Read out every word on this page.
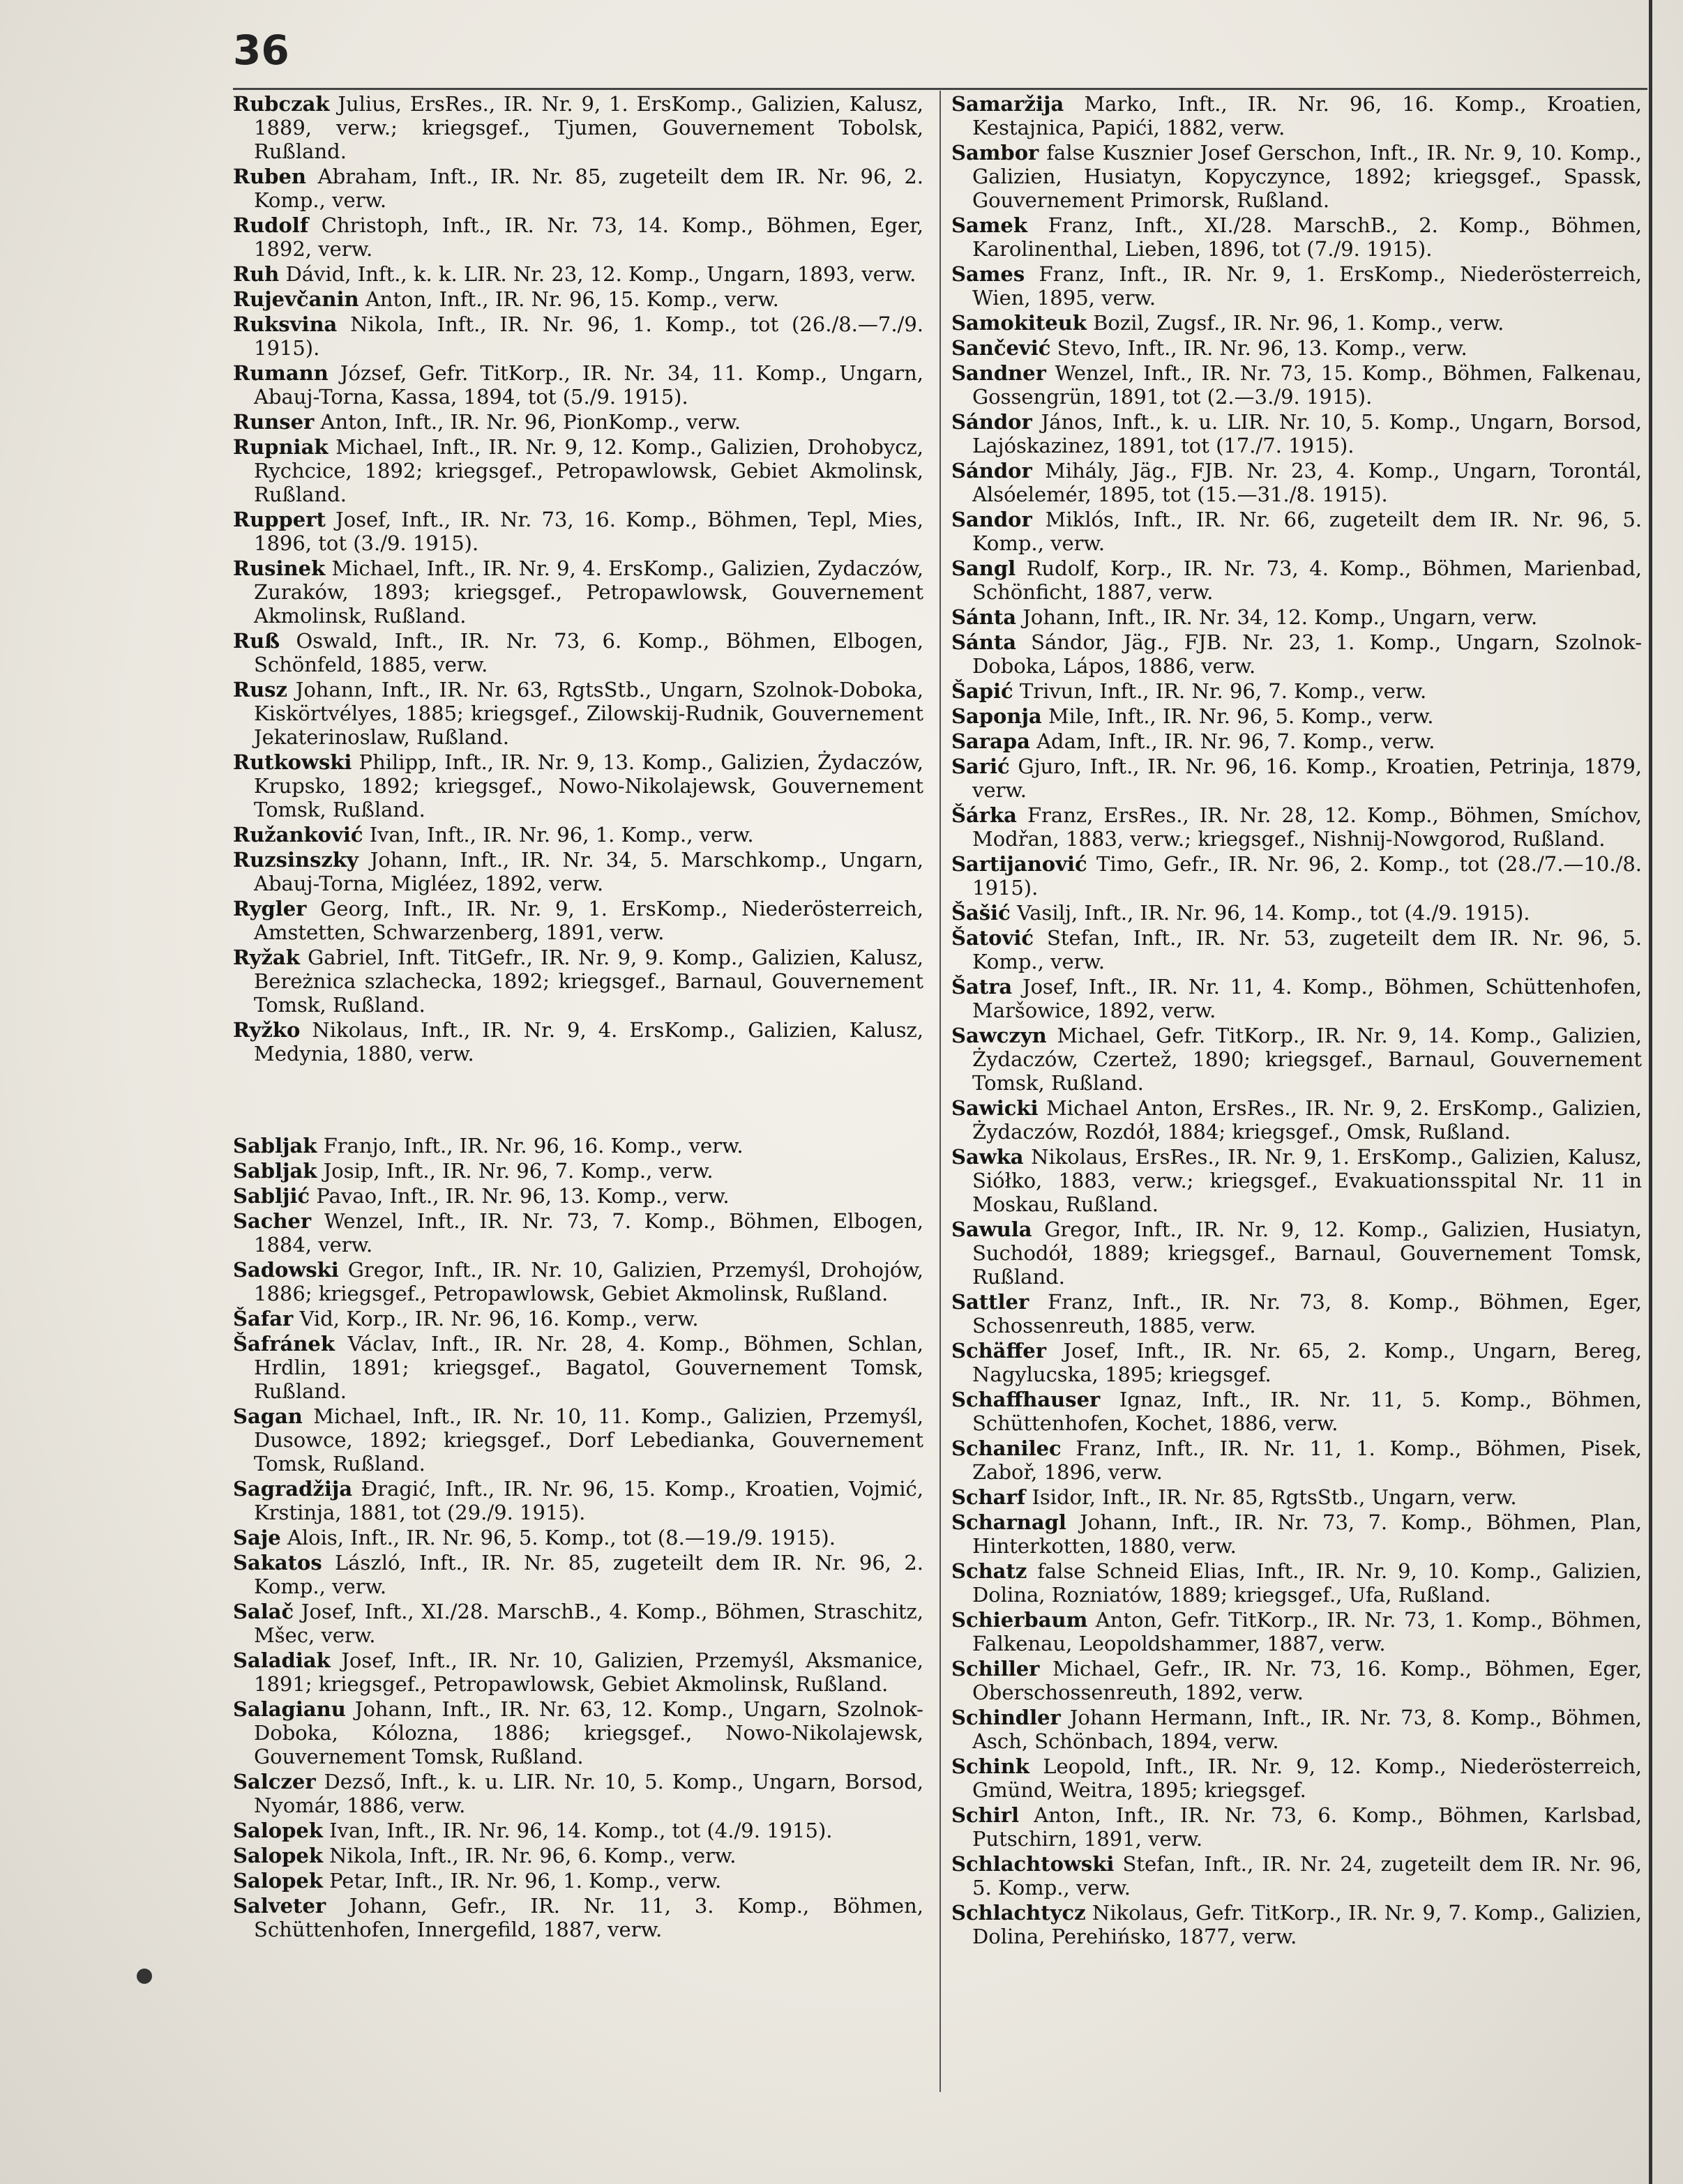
36

Rubczak Julius, ErsRes., IR. Nr. 9, 1. ErsKomp., Galizien, Kalusz, 1889, verw.; kriegsgef., Tjumen, Gouvernement Tobolsk, Rußland.

Ruben Abraham, Inft., IR. Nr. 85, zugeteilt dem IR. Nr. 96, 2. Komp., verw.

Rudolf Christoph, Inft., IR. Nr. 73, 14. Komp., Böhmen, Eger, 1892, verw.

Ruh Dávid, Inft., k. k. LIR. Nr. 23, 12. Komp., Ungarn, 1893, verw.

Rujevčanin Anton, Inft., IR. Nr. 96, 15. Komp., verw.

Ruksvina Nikola, Inft., IR. Nr. 96, 1. Komp., tot (26./8.—7./9. 1915).

Rumann József, Gefr. TitKorp., IR. Nr. 34, 11. Komp., Ungarn, Abauj-Torna, Kassa, 1894, tot (5./9. 1915).

Runser Anton, Inft., IR. Nr. 96, PionKomp., verw.

Rupniak Michael, Inft., IR. Nr. 9, 12. Komp., Galizien, Drohobycz, Rychcice, 1892; kriegsgef., Petropawlowsk, Gebiet Akmolinsk, Rußland.

Ruppert Josef, Inft., IR. Nr. 73, 16. Komp., Böhmen, Tepl, Mies, 1896, tot (3./9. 1915).

Rusinek Michael, Inft., IR. Nr. 9, 4. ErsKomp., Galizien, Zydaczów, Zuraków, 1893; kriegsgef., Petropawlowsk, Gouvernement Akmolinsk, Rußland.

Ruß Oswald, Inft., IR. Nr. 73, 6. Komp., Böhmen, Elbogen, Schönfeld, 1885, verw.

Rusz Johann, Inft., IR. Nr. 63, RgtsStb., Ungarn, Szolnok-Doboka, Kiskörtvélyes, 1885; kriegsgef., Zilowskij-Rudnik, Gouvernement Jekaterinoslaw, Rußland.

Rutkowski Philipp, Inft., IR. Nr. 9, 13. Komp., Galizien, Żydaczów, Krupsko, 1892; kriegsgef., Nowo-Nikolajewsk, Gouvernement Tomsk, Rußland.

Ružanković Ivan, Inft., IR. Nr. 96, 1. Komp., verw.

Ruzsinszky Johann, Inft., IR. Nr. 34, 5. Marschkomp., Ungarn, Abauj-Torna, Migléez, 1892, verw.

Rygler Georg, Inft., IR. Nr. 9, 1. ErsKomp., Niederösterreich, Amstetten, Schwarzenberg, 1891, verw.

Ryžak Gabriel, Inft. TitGefr., IR. Nr. 9, 9. Komp., Galizien, Kalusz, Bereżnica szlachecka, 1892; kriegsgef., Barnaul, Gouvernement Tomsk, Rußland.

Ryžko Nikolaus, Inft., IR. Nr. 9, 4. ErsKomp., Galizien, Kalusz, Medynia, 1880, verw.

Sabljak Franjo, Inft., IR. Nr. 96, 16. Komp., verw.

Sabljak Josip, Inft., IR. Nr. 96, 7. Komp., verw.

Sabljić Pavao, Inft., IR. Nr. 96, 13. Komp., verw.

Sacher Wenzel, Inft., IR. Nr. 73, 7. Komp., Böhmen, Elbogen, 1884, verw.

Sadowski Gregor, Inft., IR. Nr. 10, Galizien, Przemyśl, Drohojów, 1886; kriegsgef., Petropawlowsk, Gebiet Akmolinsk, Rußland.

Šafar Vid, Korp., IR. Nr. 96, 16. Komp., verw.

Šafránek Václav, Inft., IR. Nr. 28, 4. Komp., Böhmen, Schlan, Hrdlin, 1891; kriegsgef., Bagatol, Gouvernement Tomsk, Rußland.

Sagan Michael, Inft., IR. Nr. 10, 11. Komp., Galizien, Przemyśl, Dusowce, 1892; kriegsgef., Dorf Lebedianka, Gouvernement Tomsk, Rußland.

Sagradžija Đragić, Inft., IR. Nr. 96, 15. Komp., Kroatien, Vojmić, Krstinja, 1881, tot (29./9. 1915).

Saje Alois, Inft., IR. Nr. 96, 5. Komp., tot (8.—19./9. 1915).

Sakatos László, Inft., IR. Nr. 85, zugeteilt dem IR. Nr. 96, 2. Komp., verw.

Salač Josef, Inft., XI./28. MarschB., 4. Komp., Böhmen, Straschitz, Mšec, verw.

Saladiak Josef, Inft., IR. Nr. 10, Galizien, Przemyśl, Aksmanice, 1891; kriegsgef., Petropawlowsk, Gebiet Akmolinsk, Rußland.

Salagianu Johann, Inft., IR. Nr. 63, 12. Komp., Ungarn, Szolnok-Doboka, Kólozna, 1886; kriegsgef., Nowo-Nikolajewsk, Gouvernement Tomsk, Rußland.

Salczer Dezső, Inft., k. u. LIR. Nr. 10, 5. Komp., Ungarn, Borsod, Nyomár, 1886, verw.

Salopek Ivan, Inft., IR. Nr. 96, 14. Komp., tot (4./9. 1915).

Salopek Nikola, Inft., IR. Nr. 96, 6. Komp., verw.

Salopek Petar, Inft., IR. Nr. 96, 1. Komp., verw.

Salveter Johann, Gefr., IR. Nr. 11, 3. Komp., Böhmen, Schüttenhofen, Innergefild, 1887, verw.

Samaržija Marko, Inft., IR. Nr. 96, 16. Komp., Kroatien, Kestajnica, Papići, 1882, verw.

Sambor false Kusznier Josef Gerschon, Inft., IR. Nr. 9, 10. Komp., Galizien, Husiatyn, Kopyczynce, 1892; kriegsgef., Spassk, Gouvernement Primorsk, Rußland.

Samek Franz, Inft., XI./28. MarschB., 2. Komp., Böhmen, Karolinenthal, Lieben, 1896, tot (7./9. 1915).

Sames Franz, Inft., IR. Nr. 9, 1. ErsKomp., Niederösterreich, Wien, 1895, verw.

Samokiteuk Bozil, Zugsf., IR. Nr. 96, 1. Komp., verw.

Sančević Stevo, Inft., IR. Nr. 96, 13. Komp., verw.

Sandner Wenzel, Inft., IR. Nr. 73, 15. Komp., Böhmen, Falkenau, Gossengrün, 1891, tot (2.—3./9. 1915).

Sándor János, Inft., k. u. LIR. Nr. 10, 5. Komp., Ungarn, Borsod, Lajóskazinez, 1891, tot (17./7. 1915).

Sándor Mihály, Jäg., FJB. Nr. 23, 4. Komp., Ungarn, Torontál, Alsóelemér, 1895, tot (15.—31./8. 1915).

Sandor Miklós, Inft., IR. Nr. 66, zugeteilt dem IR. Nr. 96, 5. Komp., verw.

Sangl Rudolf, Korp., IR. Nr. 73, 4. Komp., Böhmen, Marienbad, Schönficht, 1887, verw.

Sánta Johann, Inft., IR. Nr. 34, 12. Komp., Ungarn, verw.

Sánta Sándor, Jäg., FJB. Nr. 23, 1. Komp., Ungarn, Szolnok-Doboka, Lápos, 1886, verw.

Šapić Trivun, Inft., IR. Nr. 96, 7. Komp., verw.

Saponja Mile, Inft., IR. Nr. 96, 5. Komp., verw.

Sarapa Adam, Inft., IR. Nr. 96, 7. Komp., verw.

Sarić Gjuro, Inft., IR. Nr. 96, 16. Komp., Kroatien, Petrinja, 1879, verw.

Šárka Franz, ErsRes., IR. Nr. 28, 12. Komp., Böhmen, Smíchov, Modřan, 1883, verw.; kriegsgef., Nishnij-Nowgorod, Rußland.

Sartijanović Timo, Gefr., IR. Nr. 96, 2. Komp., tot (28./7.—10./8. 1915).

Šašić Vasilj, Inft., IR. Nr. 96, 14. Komp., tot (4./9. 1915).

Šatović Stefan, Inft., IR. Nr. 53, zugeteilt dem IR. Nr. 96, 5. Komp., verw.

Šatra Josef, Inft., IR. Nr. 11, 4. Komp., Böhmen, Schüttenhofen, Maršowice, 1892, verw.

Sawczyn Michael, Gefr. TitKorp., IR. Nr. 9, 14. Komp., Galizien, Żydaczów, Czertež, 1890; kriegsgef., Barnaul, Gouvernement Tomsk, Rußland.

Sawicki Michael Anton, ErsRes., IR. Nr. 9, 2. ErsKomp., Galizien, Żydaczów, Rozdół, 1884; kriegsgef., Omsk, Rußland.

Sawka Nikolaus, ErsRes., IR. Nr. 9, 1. ErsKomp., Galizien, Kalusz, Siółko, 1883, verw.; kriegsgef., Evakuationsspital Nr. 11 in Moskau, Rußland.

Sawula Gregor, Inft., IR. Nr. 9, 12. Komp., Galizien, Husiatyn, Suchodół, 1889; kriegsgef., Barnaul, Gouvernement Tomsk, Rußland.

Sattler Franz, Inft., IR. Nr. 73, 8. Komp., Böhmen, Eger, Schossenreuth, 1885, verw.

Schäffer Josef, Inft., IR. Nr. 65, 2. Komp., Ungarn, Bereg, Nagylucska, 1895; kriegsgef.

Schaffhauser Ignaz, Inft., IR. Nr. 11, 5. Komp., Böhmen, Schüttenhofen, Kochet, 1886, verw.

Schanilec Franz, Inft., IR. Nr. 11, 1. Komp., Böhmen, Pisek, Zaboř, 1896, verw.

Scharf Isidor, Inft., IR. Nr. 85, RgtsStb., Ungarn, verw.

Scharnagl Johann, Inft., IR. Nr. 73, 7. Komp., Böhmen, Plan, Hinterkotten, 1880, verw.

Schatz false Schneid Elias, Inft., IR. Nr. 9, 10. Komp., Galizien, Dolina, Rozniatów, 1889; kriegsgef., Ufa, Rußland.

Schierbaum Anton, Gefr. TitKorp., IR. Nr. 73, 1. Komp., Böhmen, Falkenau, Leopoldshammer, 1887, verw.

Schiller Michael, Gefr., IR. Nr. 73, 16. Komp., Böhmen, Eger, Oberschossenreuth, 1892, verw.

Schindler Johann Hermann, Inft., IR. Nr. 73, 8. Komp., Böhmen, Asch, Schönbach, 1894, verw.

Schink Leopold, Inft., IR. Nr. 9, 12. Komp., Niederösterreich, Gmünd, Weitra, 1895; kriegsgef.

Schirl Anton, Inft., IR. Nr. 73, 6. Komp., Böhmen, Karlsbad, Putschirn, 1891, verw.

Schlachtowski Stefan, Inft., IR. Nr. 24, zugeteilt dem IR. Nr. 96, 5. Komp., verw.

Schlachtycz Nikolaus, Gefr. TitKorp., IR. Nr. 9, 7. Komp., Galizien, Dolina, Perehińsko, 1877, verw.
